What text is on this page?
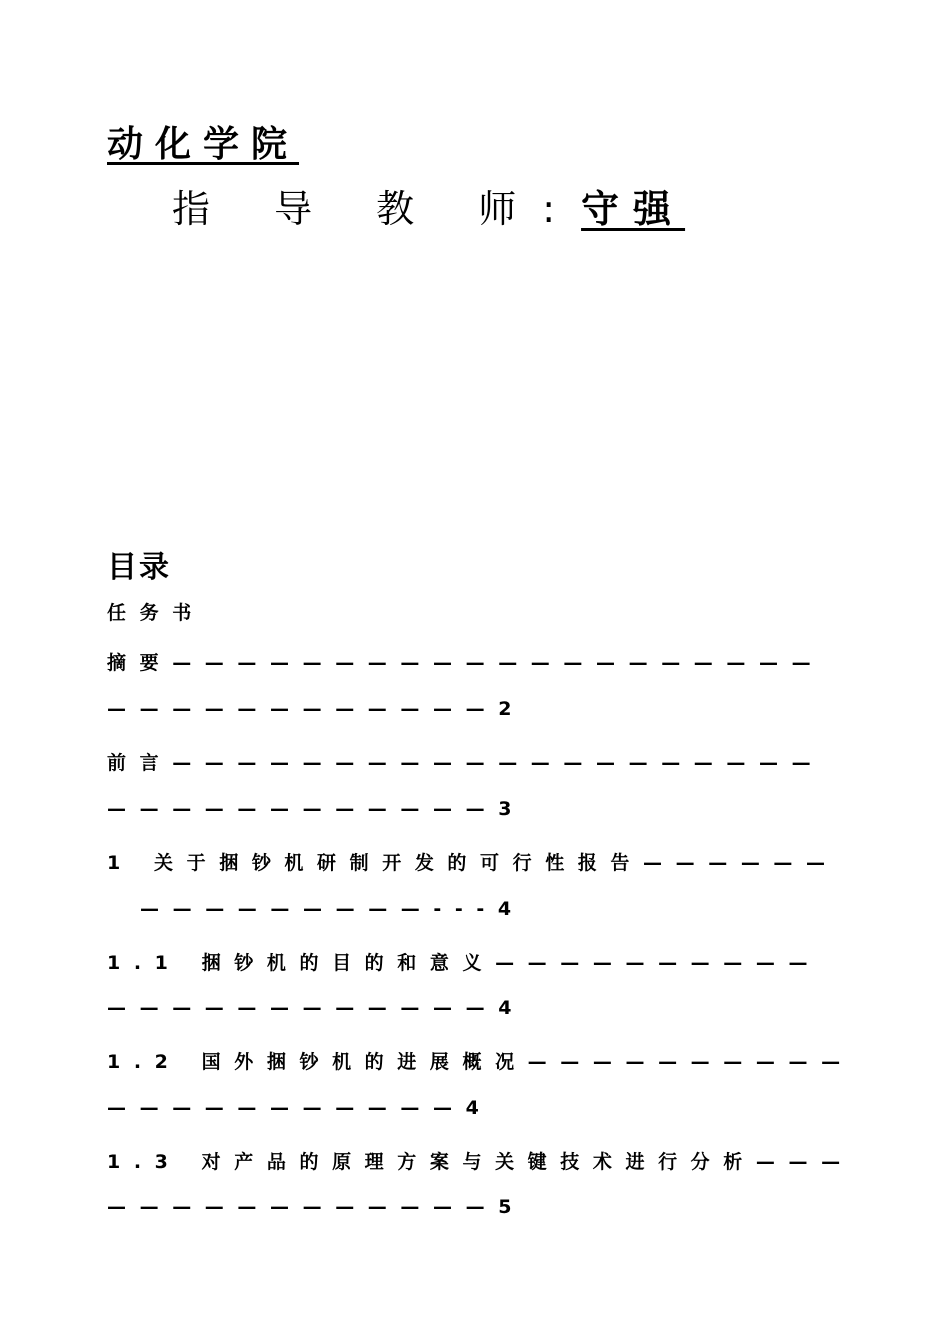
动化学院
指 导 教 师:守强
目录
任务书
摘要————————————————————
————————————2
前言————————————————————
————————————3
1 关于捆钞机研制开发的可行性报告——————
—————————---4
1.1 捆钞机的目的和意义——————————
————————————4
1.2 国外捆钞机的进展概况——————————
———————————4
1.3 对产品的原理方案与关键技术进行分析———
————————————5
